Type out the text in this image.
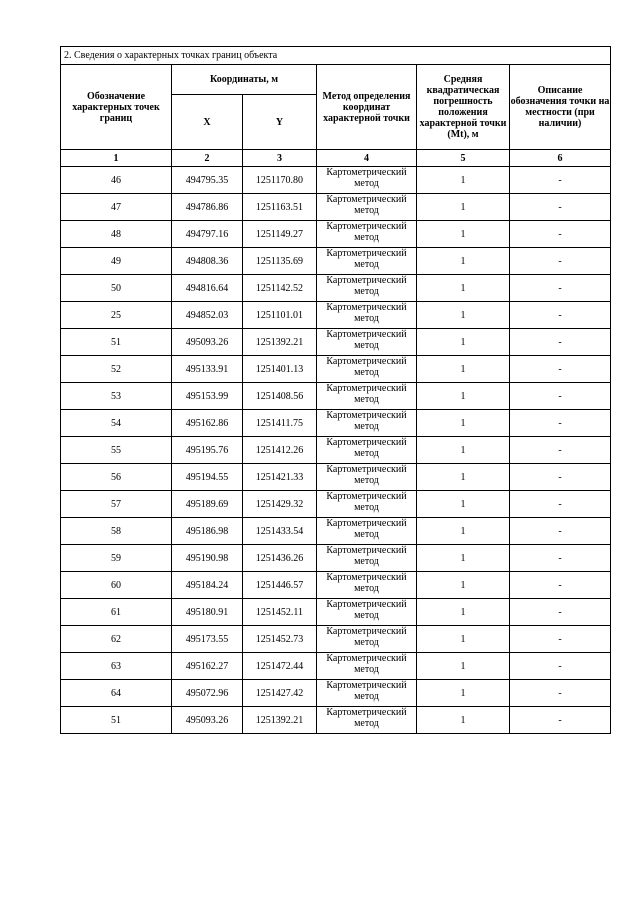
2. Сведения о характерных точках границ объекта					
Обозначение характерных точек границ	Координаты, м		Метод определения координат характерной точки	Средняя квадратическая погрешность положения характерной точки (Mt), м	Описание обозначения точки на местности (при наличии)
	X	Y			
1	2	3	4	5	6
46	494795.35	1251170.80	Картометрический метод	1	-
47	494786.86	1251163.51	Картометрический метод	1	-
48	494797.16	1251149.27	Картометрический метод	1	-
49	494808.36	1251135.69	Картометрический метод	1	-
50	494816.64	1251142.52	Картометрический метод	1	-
25	494852.03	1251101.01	Картометрический метод	1	-
51	495093.26	1251392.21	Картометрический метод	1	-
52	495133.91	1251401.13	Картометрический метод	1	-
53	495153.99	1251408.56	Картометрический метод	1	-
54	495162.86	1251411.75	Картометрический метод	1	-
55	495195.76	1251412.26	Картометрический метод	1	-
56	495194.55	1251421.33	Картометрический метод	1	-
57	495189.69	1251429.32	Картометрический метод	1	-
58	495186.98	1251433.54	Картометрический метод	1	-
59	495190.98	1251436.26	Картометрический метод	1	-
60	495184.24	1251446.57	Картометрический метод	1	-
61	495180.91	1251452.11	Картометрический метод	1	-
62	495173.55	1251452.73	Картометрический метод	1	-
63	495162.27	1251472.44	Картометрический метод	1	-
64	495072.96	1251427.42	Картометрический метод	1	-
51	495093.26	1251392.21	Картометрический метод	1	-
